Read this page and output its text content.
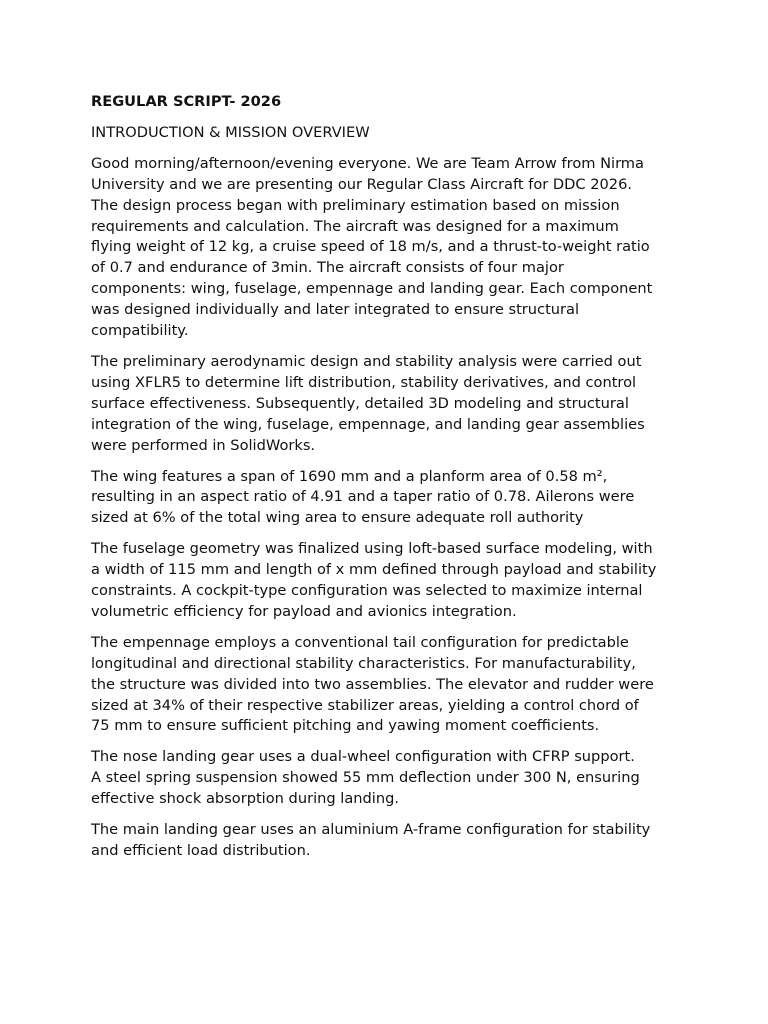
REGULAR SCRIPT- 2026
INTRODUCTION & MISSION OVERVIEW
Good morning/afternoon/evening everyone. We are Team Arrow from Nirma
University and we are presenting our Regular Class Aircraft for DDC 2026.
The design process began with preliminary estimation based on mission
requirements and calculation. The aircraft was designed for a maximum
flying weight of 12 kg, a cruise speed of 18 m/s, and a thrust-to-weight ratio
of 0.7 and endurance of 3min. The aircraft consists of four major
components: wing, fuselage, empennage and landing gear. Each component
was designed individually and later integrated to ensure structural
compatibility.
The preliminary aerodynamic design and stability analysis were carried out
using XFLR5 to determine lift distribution, stability derivatives, and control
surface effectiveness. Subsequently, detailed 3D modeling and structural
integration of the wing, fuselage, empennage, and landing gear assemblies
were performed in SolidWorks.
The wing features a span of 1690 mm and a planform area of 0.58 m²,
resulting in an aspect ratio of 4.91 and a taper ratio of 0.78. Ailerons were
sized at 6% of the total wing area to ensure adequate roll authority
The fuselage geometry was finalized using loft-based surface modeling, with
a width of 115 mm and length of x mm defined through payload and stability
constraints. A cockpit-type configuration was selected to maximize internal
volumetric efficiency for payload and avionics integration.
The empennage employs a conventional tail configuration for predictable
longitudinal and directional stability characteristics. For manufacturability,
the structure was divided into two assemblies. The elevator and rudder were
sized at 34% of their respective stabilizer areas, yielding a control chord of
75 mm to ensure sufficient pitching and yawing moment coefficients.
The nose landing gear uses a dual-wheel configuration with CFRP support.
A steel spring suspension showed 55 mm deflection under 300 N, ensuring
effective shock absorption during landing.
The main landing gear uses an aluminium A-frame configuration for stability
and efficient load distribution.
